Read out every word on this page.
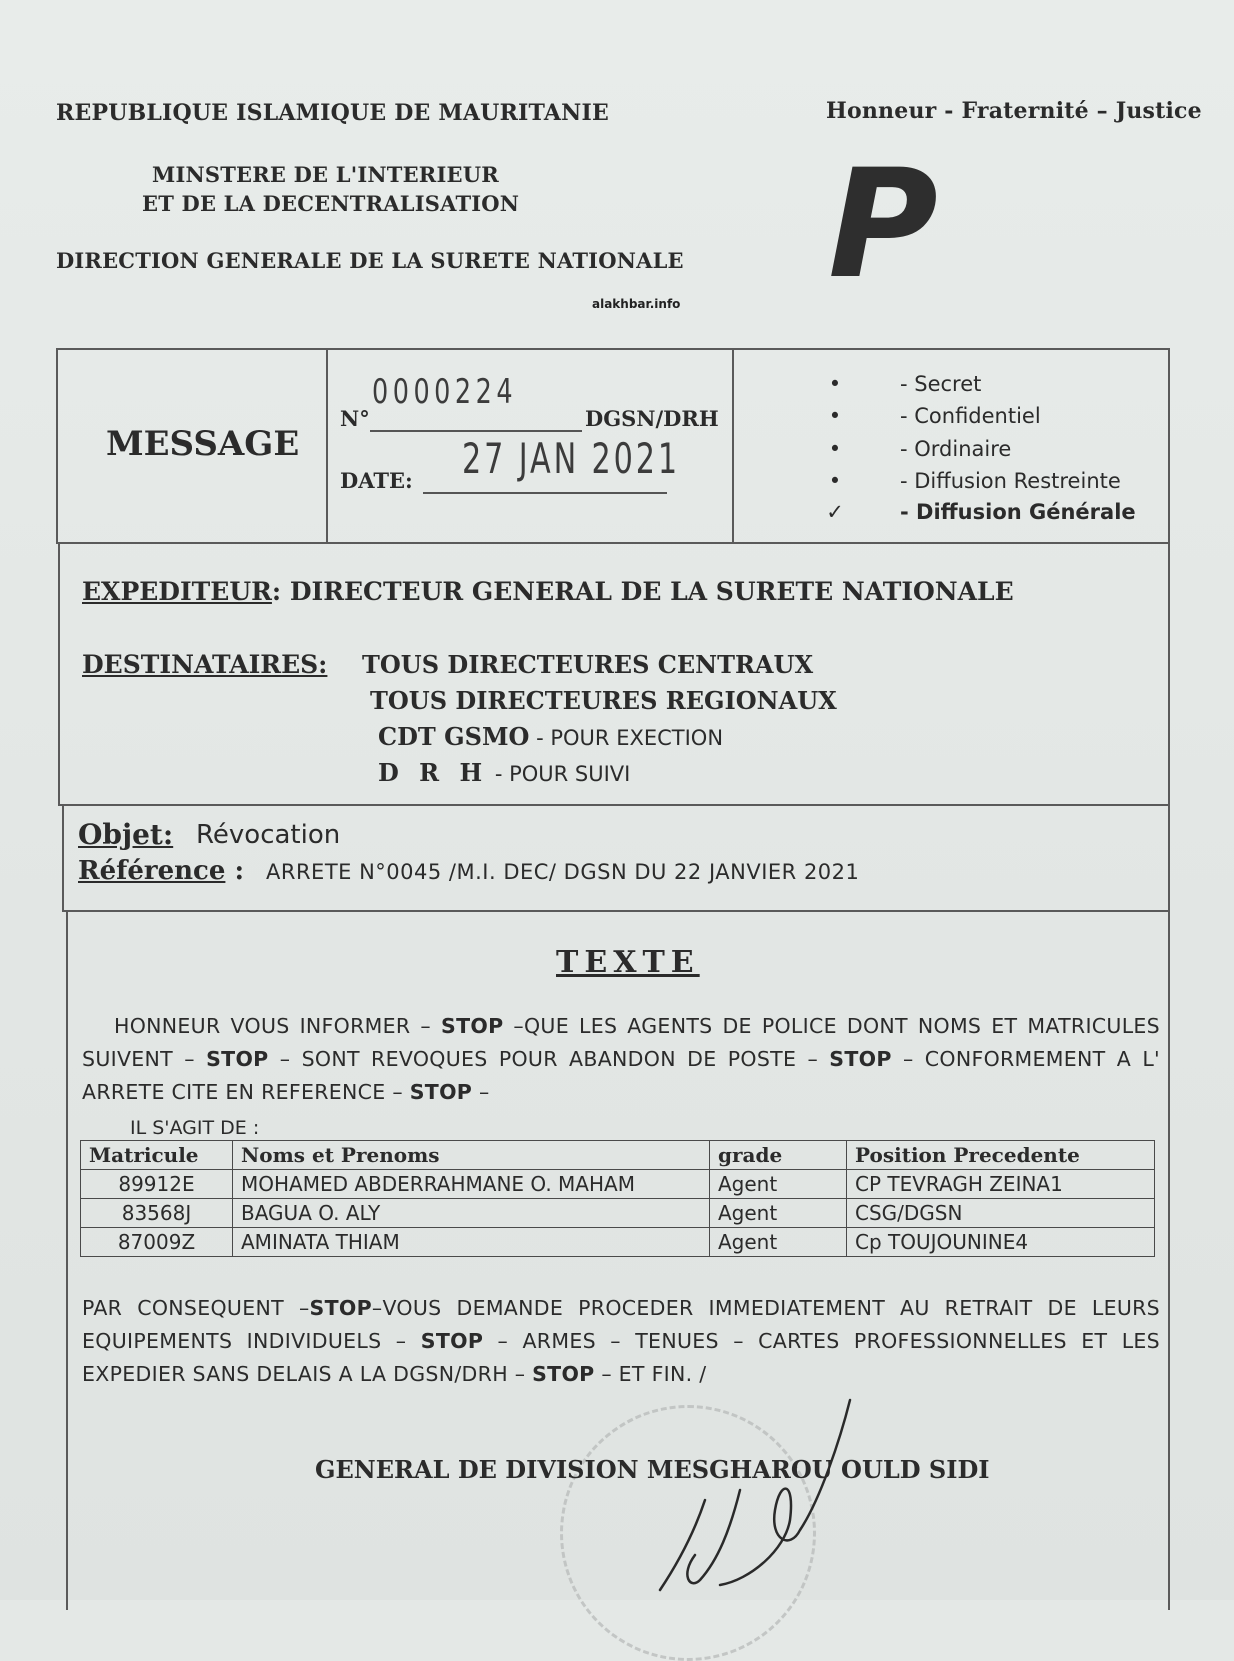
REPUBLIQUE ISLAMIQUE DE MAURITANIE	Honneur - Fraternité – Justice
MINSTERE DE L'INTERIEUR
ET DE LA DECENTRALISATION
DIRECTION GENERALE DE LA SURETE NATIONALE P
alakhbar.info
MESSAGE
0000224
N°	DGSN/DRH
27 JAN 2021
DATE:
•	- Secret
•	- Confidentiel
•	- Ordinaire
•	- Diffusion Restreinte
✓	- Diffusion Générale
EXPEDITEUR: DIRECTEUR GENERAL DE LA SURETE NATIONALE
DESTINATAIRES: TOUS DIRECTEURES CENTRAUX
TOUS DIRECTEURES REGIONAUX
CDT GSMO - POUR EXECTION
D R H - POUR SUIVI
Objet: Révocation
Référence : ARRETE N°0045 /M.I. DEC/ DGSN DU 22 JANVIER 2021
TEXTE
HONNEUR VOUS INFORMER – STOP –QUE LES AGENTS DE POLICE DONT NOMS ET MATRICULES SUIVENT – STOP – SONT REVOQUES POUR ABANDON DE POSTE – STOP – CONFORMEMENT A L' ARRETE CITE EN REFERENCE – STOP –
IL S'AGIT DE :
Matricule	Noms et Prenoms	grade	Position Precedente
89912E	MOHAMED ABDERRAHMANE O. MAHAM	Agent	CP TEVRAGH ZEINA1
83568J	BAGUA O. ALY	Agent	CSG/DGSN
87009Z	AMINATA THIAM	Agent	Cp TOUJOUNINE4
PAR CONSEQUENT –STOP–VOUS DEMANDE PROCEDER IMMEDIATEMENT AU RETRAIT DE LEURS EQUIPEMENTS INDIVIDUELS – STOP – ARMES – TENUES – CARTES PROFESSIONNELLES ET LES EXPEDIER SANS DELAIS A LA DGSN/DRH – STOP – ET FIN. /
GENERAL DE DIVISION MESGHAROU OULD SIDI
